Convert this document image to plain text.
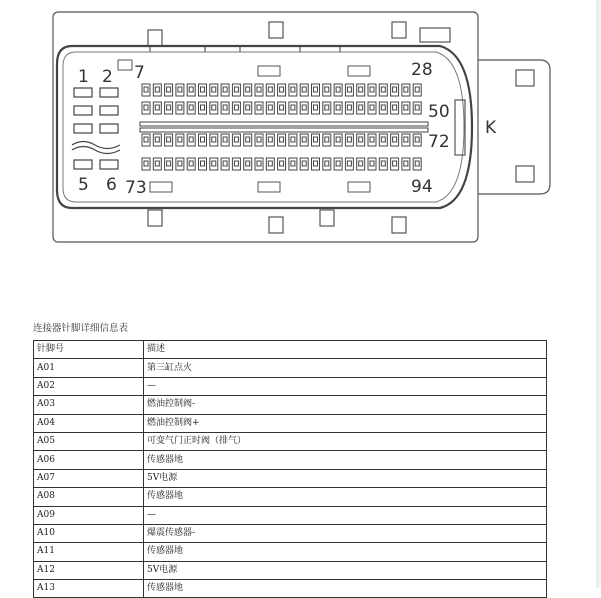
1 2 7	28
50
72
5 6 73	94
K
连接器针脚详细信息表
针脚号	描述
A01	第三缸点火
A02	—
A03	燃油控制阀-
A04	燃油控制阀+
A05	可变气门正时阀（排气）
A06	传感器地
A07	5V电源
A08	传感器地
A09	—
A10	爆震传感器-
A11	传感器地
A12	5V电源
A13	传感器地
